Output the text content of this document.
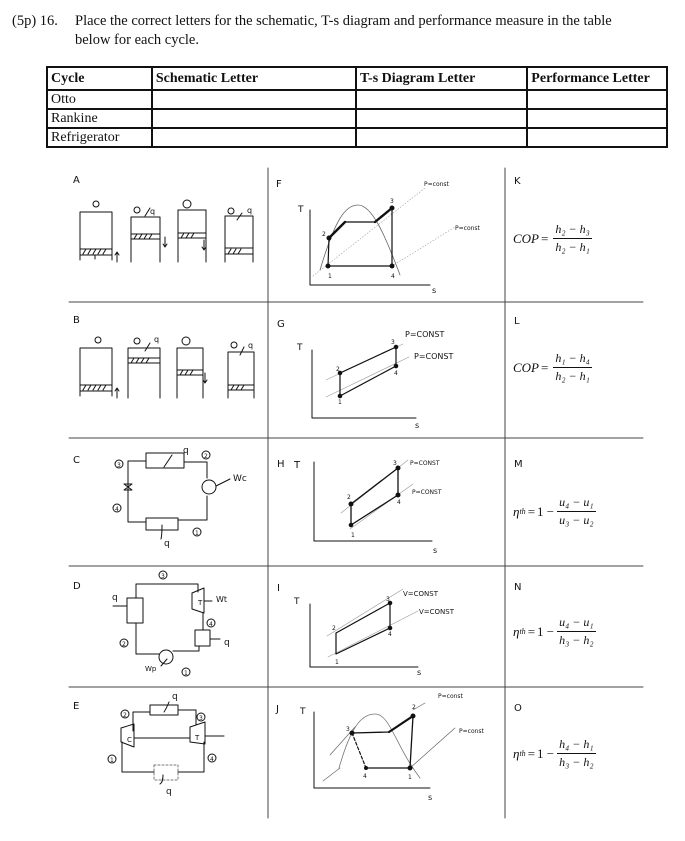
(5p) 16. Place the correct letters for the schematic, T-s diagram and performance measure in the table
below for each cycle.
Cycle	Schematic Letter	T-s Diagram Letter	Performance Letter
Otto			
Rankine			
Refrigerator			
A
q	q
B
q
q
C
q
q
Wc
3
2
4
1
D
T
q
q
Wt
Wp
3
4
2
1
E
C	T
q
q
2	3
1	4
F
T
s
P=const
P=const
1
2
3
4
G
T
s
P=CONST
P=CONST
1
2
3
4
H T
s
P=CONST
P=CONST
1
2
3
4
I
T
s
V=CONST
V=CONST
1
2
3
4
J T
s
P=const
P=const
1
2
3
4
K
L
M
N
O
COP = $\frac{\text{h₂ − h₃}}{\text{h₂ − h₁}}$
COP = $\frac{\text{h₁ − h₄}}{\text{h₂ − h₁}}$
η th = $1 - \frac{\text{u₄ − u₁}}{\text{u₃ − u₂}}$
η th = $1 - \frac{\text{u₄ − u₁}}{\text{h₃ − h₂}}$
η th = $1 - \frac{\text{h₄ − h₁}}{\text{h₃ − h₂}}$
